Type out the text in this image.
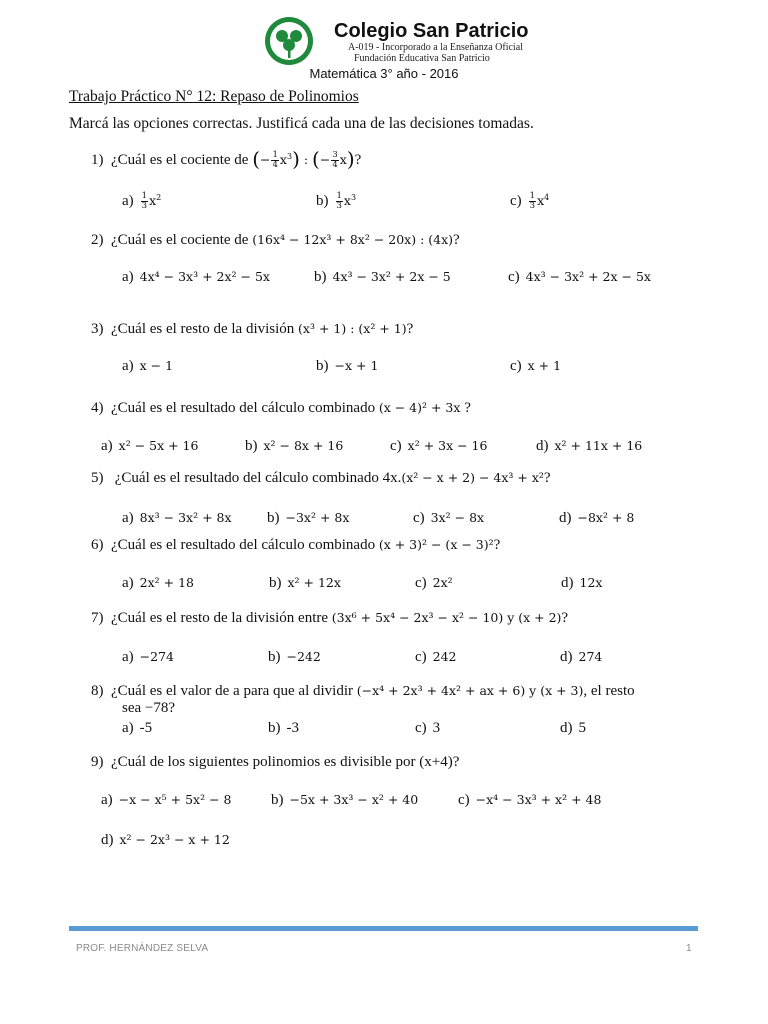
Colegio San Patricio
A-019 - Incorporado a la Enseñanza Oficial
Fundación Educativa San Patricio
Matemática 3° año - 2016
Trabajo Práctico N° 12: Repaso de Polinomios
Marcá las opciones correctas. Justificá cada una de las decisiones tomadas.
1) ¿Cuál es el cociente de (− $\frac{1}{4} x^3$) : (− $\frac{3}{4} x$)?
$a) \frac{1}{3} x^2$	$b) \frac{1}{3} x^3$	$c) \frac{1}{3} x^4$
2) ¿Cuál es el cociente de (16x⁴ − 12x³ + 8x² − 20x) : (4x)?
a) 4x⁴ − 3x³ + 2x² − 5x	b) 4x³ − 3x² + 2x − 5	c) 4x³ − 3x² + 2x − 5x
3) ¿Cuál es el resto de la división (x³ + 1) : (x² + 1)?
a) x − 1	b) −x + 1	c) x + 1
4) ¿Cuál es el resultado del cálculo combinado (x − 4)² + 3x ?
a) x² − 5x + 16	b) x² − 8x + 16	c) x² + 3x − 16	d) x² + 11x + 16
5) ¿Cuál es el resultado del cálculo combinado 4x.(x² − x + 2) − 4x³ + x²?
a) 8x³ − 3x² + 8x b) −3x² + 8x	c) 3x² − 8x	d) −8x² + 8
6) ¿Cuál es el resultado del cálculo combinado (x + 3)² − (x − 3)²?
a) 2x² + 18	b) x² + 12x	c) 2x²	d) 12x
7) ¿Cuál es el resto de la división entre (3x⁶ + 5x⁴ − 2x³ − x² − 10) y (x + 2)?
a) −274	b) −242	c) 242	d) 274
8) ¿Cuál es el valor de a para que al dividir (−x⁴ + 2x³ + 4x² + ax + 6) y (x + 3), el resto
sea −78?
a) -5	b) -3	c) 3	d) 5
9) ¿Cuál de los siguientes polinomios es divisible por (x+4)?
a) −x − x⁵ + 5x² − 8	b) −5x + 3x³ − x² + 40	c) −x⁴ − 3x³ + x² + 48
d) x² − 2x³ − x + 12
PROF. HERNÁNDEZ SELVA	1
